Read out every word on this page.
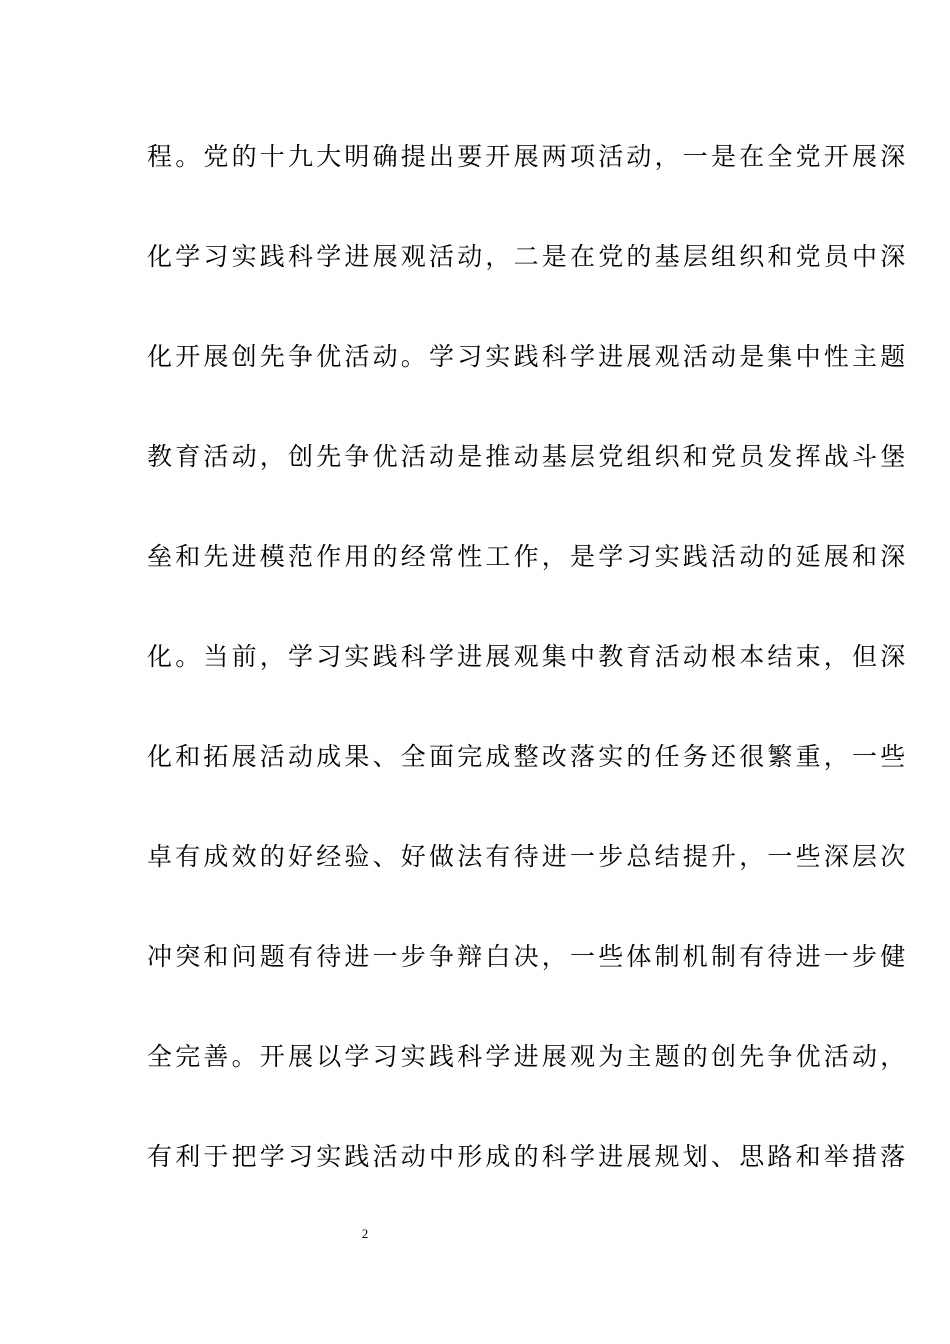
程。党的十九大明确提出要开展两项活动，一是在全党开展深
化学习实践科学进展观活动，二是在党的基层组织和党员中深
化开展创先争优活动。学习实践科学进展观活动是集中性主题
教育活动，创先争优活动是推动基层党组织和党员发挥战斗堡
垒和先进模范作用的经常性工作，是学习实践活动的延展和深
化。当前，学习实践科学进展观集中教育活动根本结束，但深
化和拓展活动成果、全面完成整改落实的任务还很繁重，一些
卓有成效的好经验、好做法有待进一步总结提升，一些深层次
冲突和问题有待进一步争辩白决，一些体制机制有待进一步健
全完善。开展以学习实践科学进展观为主题的创先争优活动，
有利于把学习实践活动中形成的科学进展规划、思路和举措落
2
